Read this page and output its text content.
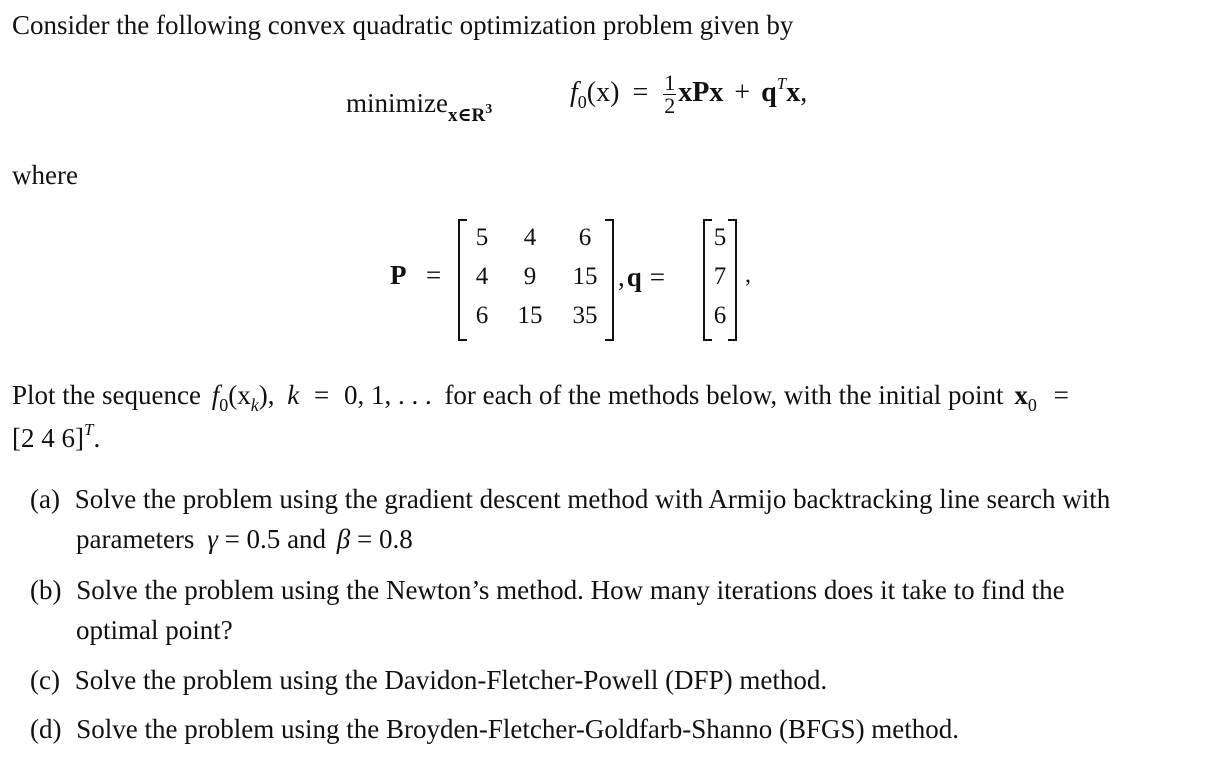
Consider the following convex quadratic optimization problem given by
minimize$_{x\in R^3}$
$f_0(x) = \frac{1}{2}$ xPx + $q^Tx$,
where
P =
5	4	6
4	9	15
6	15	35
,q =
5
7
6
,
Plot the sequence $f_0(x_k)$, k = 0, 1, . . . for each of the methods below, with the initial point $x_0$ =
[2 4 6]$^T$.
(a) Solve the problem using the gradient descent method with Armijo backtracking line search with
parameters γ = 0.5 and β = 0.8
(b) Solve the problem using the Newton’s method. How many iterations does it take to find the
optimal point?
(c) Solve the problem using the Davidon-Fletcher-Powell (DFP) method.
(d) Solve the problem using the Broyden-Fletcher-Goldfarb-Shanno (BFGS) method.
